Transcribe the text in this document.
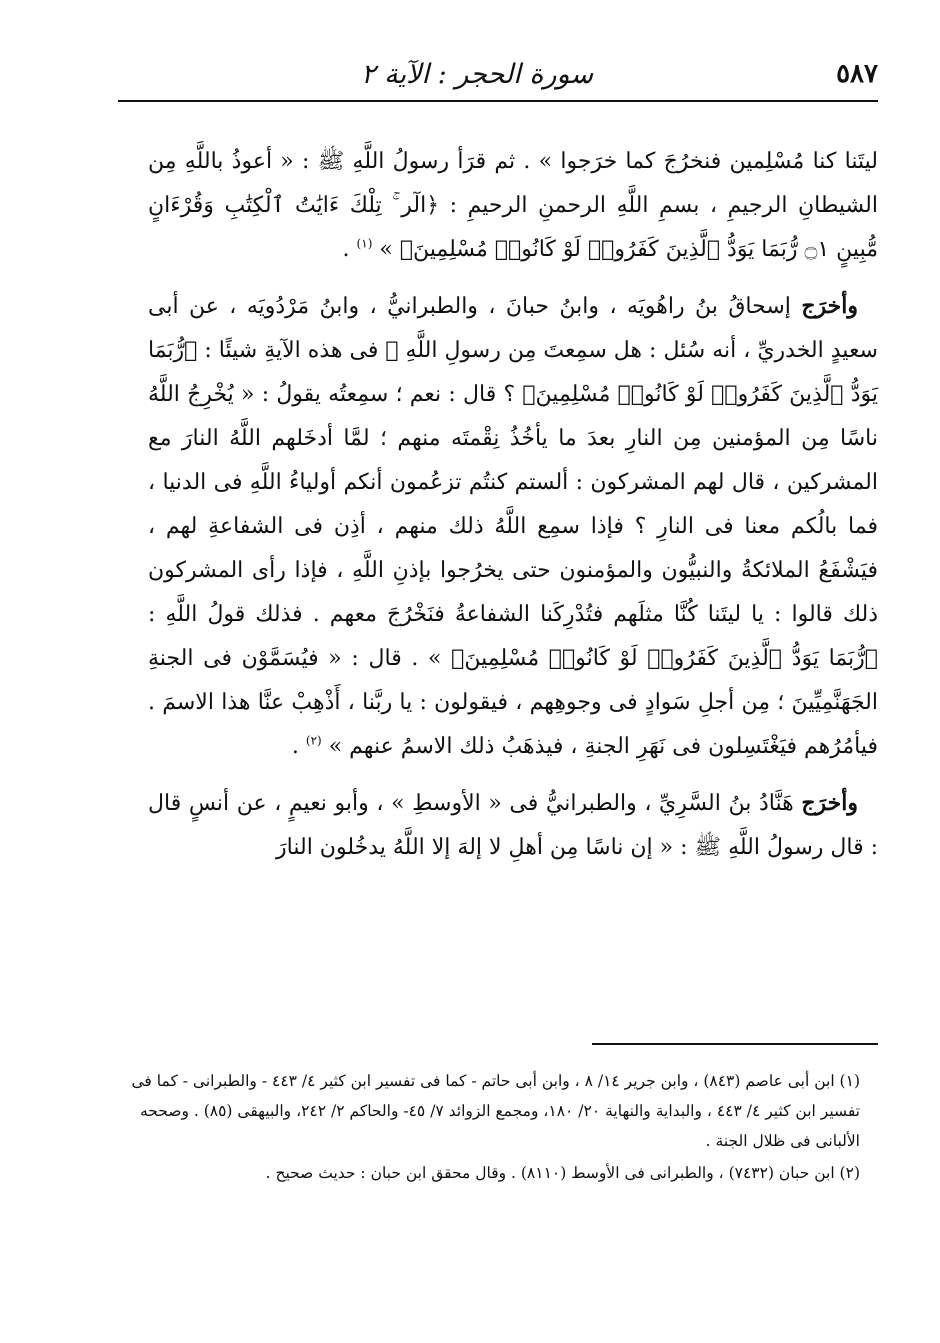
٥٨٧
سورة الحجر : الآية ٢

ليتَنا كنا مُسْلِمين فنخرُجَ كما خرَجوا » . ثم قرَأ رسولُ اللَّهِ ﷺ : « أعوذُ باللَّهِ مِن الشيطانِ الرجيمِ ، بسمِ اللَّهِ الرحمنِ الرحيمِ : ﴿الٓر ۚ تِلْكَ ءَايَٰتُ ٱلْكِتَٰبِ وَقُرْءَانٍ مُّبِينٍ ۝١ رُّبَمَا يَوَدُّ ٱلَّذِينَ كَفَرُوا۟ لَوْ كَانُوا۟ مُسْلِمِينَ﴾ » $^{(١)}$ .

وأخرَج إسحاقُ بنُ راهُويَه ، وابنُ حبانَ ، والطبرانيُّ ، وابنُ مَرْدُويَه ، عن أبى سعيدٍ الخدريِّ ، أنه سُئل : هل سمِعتَ مِن رسولِ اللَّهِ ﷺ فى هذه الآيةِ شيئًا : ﴿رُّبَمَا يَوَدُّ ٱلَّذِينَ كَفَرُوا۟ لَوْ كَانُوا۟ مُسْلِمِينَ﴾ ؟ قال : نعم ؛ سمِعتُه يقولُ : « يُخْرِجُ اللَّهُ ناسًا مِن المؤمنين مِن النارِ بعدَ ما يأخُذُ نِقْمتَه منهم ؛ لمَّا أدخَلهم اللَّهُ النارَ مع المشركين ، قال لهم المشركون : ألستم كنتُم تزعُمون أنكم أولياءُ اللَّهِ فى الدنيا ، فما بالُكم معنا فى النارِ ؟ فإذا سمِع اللَّهُ ذلك منهم ، أذِن فى الشفاعةِ لهم ، فيَشْفَعُ الملائكةُ والنبيُّون والمؤمنون حتى يخرُجوا بإذنِ اللَّهِ ، فإذا رأى المشركون ذلك قالوا : يا ليتَنا كُنَّا مثلَهم فتُدْرِكَنا الشفاعةُ فنَخْرُجَ معهم . فذلك قولُ اللَّهِ : ﴿رُّبَمَا يَوَدُّ ٱلَّذِينَ كَفَرُوا۟ لَوْ كَانُوا۟ مُسْلِمِينَ﴾ » . قال : « فيُسَمَّوْن فى الجنةِ الجَهَنَّمِيِّينَ ؛ مِن أجلِ سَوادٍ فى وجوهِهم ، فيقولون : يا ربَّنا ، أَذْهِبْ عنَّا هذا الاسمَ . فيأمُرُهم فيَغْتَسِلون فى نَهَرِ الجنةِ ، فيذهَبُ ذلك الاسمُ عنهم » $^{(٢)}$ .

وأخرَج هَنَّادُ بنُ السَّرِيِّ ، والطبرانيُّ فى « الأوسطِ » ، وأبو نعيمٍ ، عن أنسٍ قال : قال رسولُ اللَّهِ ﷺ : « إن ناسًا مِن أهلِ لا إلهَ إلا اللَّهُ يدخُلون النارَ

(١) ابن أبى عاصم (٨٤٣) ، وابن جرير ١٤/ ٨ ، وابن أبى حاتم - كما فى تفسير ابن كثير ٤/ ٤٤٣ - والطبرانى - كما فى تفسير ابن كثير ٤/ ٤٤٣ ، والبداية والنهاية ٢٠/ ١٨٠، ومجمع الزوائد ٧/ ٤٥- والحاكم ٢/ ٢٤٢، والبيهقى (٨٥) . وصححه الألبانى فى ظلال الجنة .

(٢) ابن حبان (٧٤٣٢) ، والطبرانى فى الأوسط (٨١١٠) . وقال محقق ابن حبان : حديث صحيح .
